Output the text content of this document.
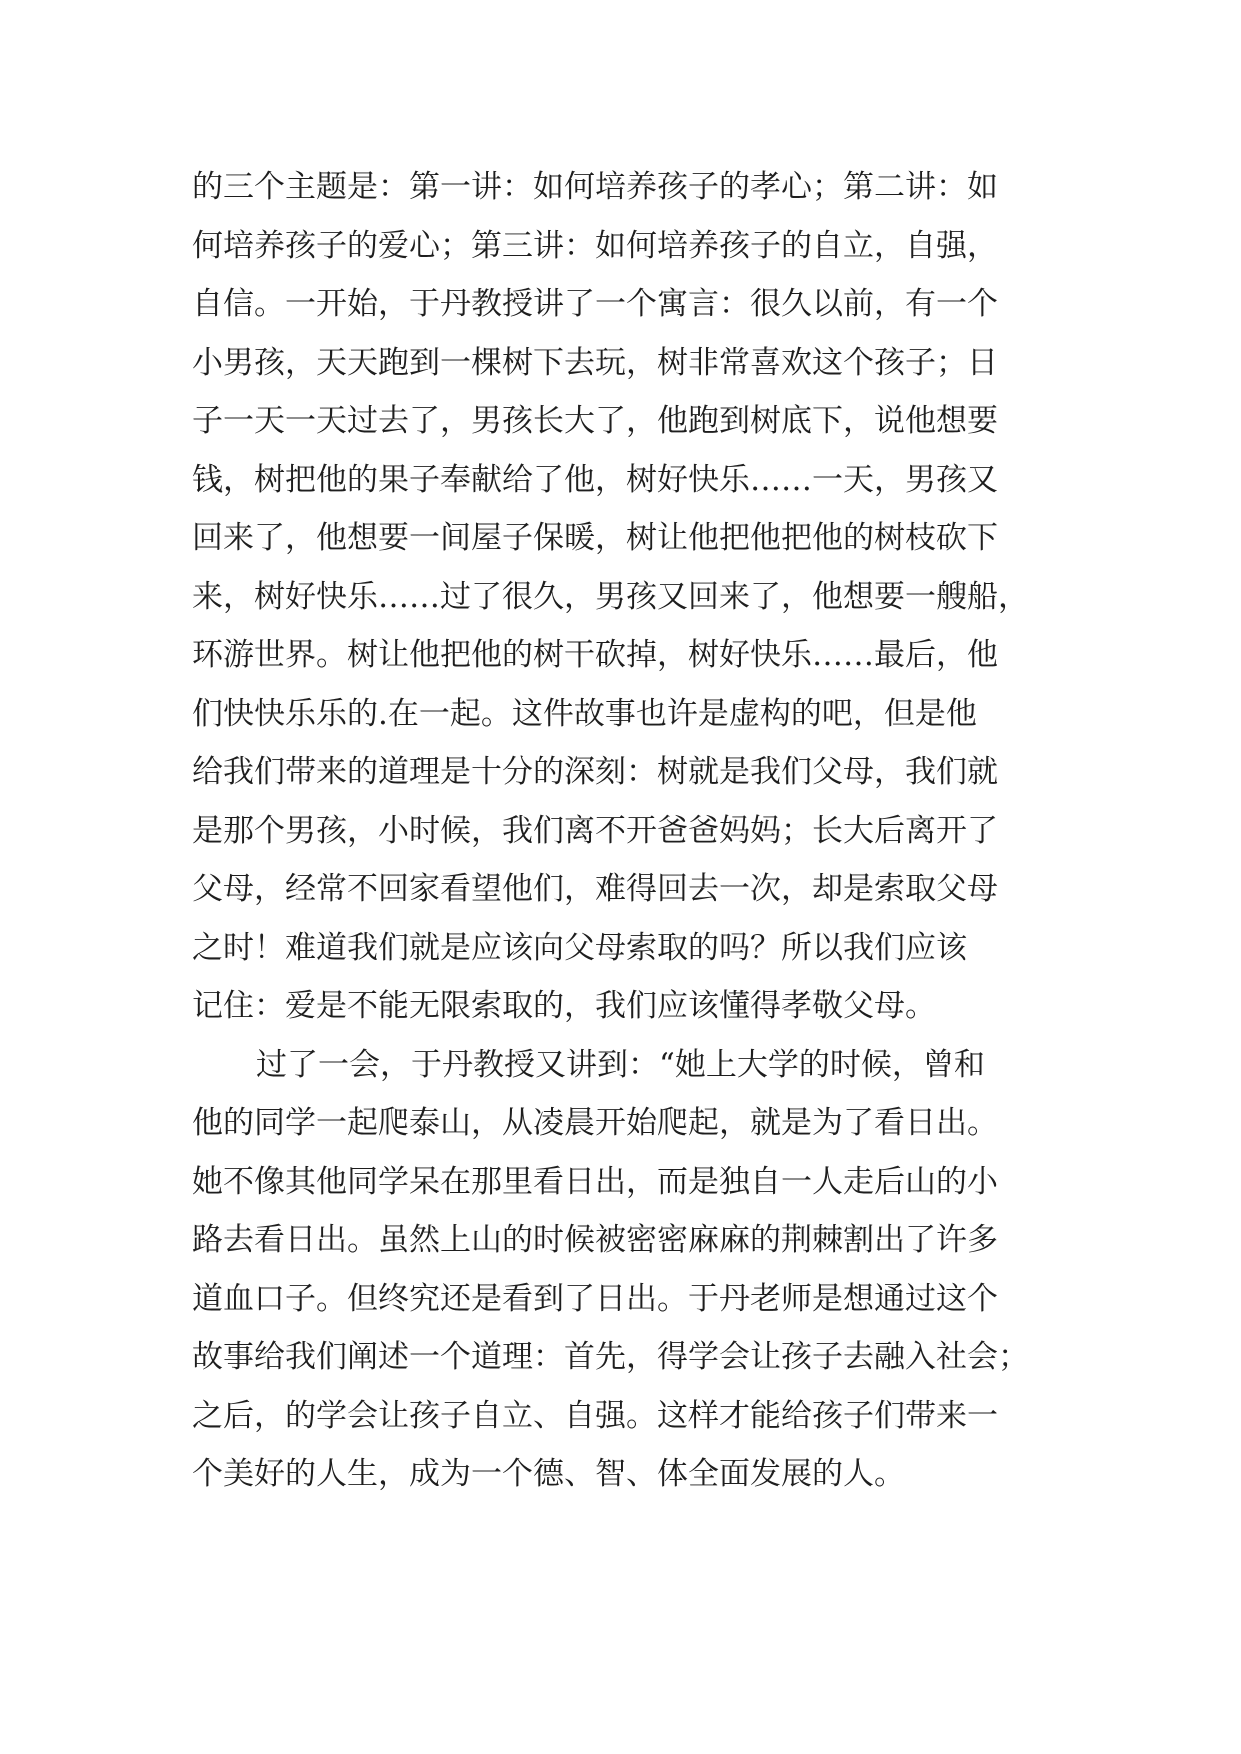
的三个主题是：第一讲：如何培养孩子的孝心；第二讲：如
何培养孩子的爱心；第三讲：如何培养孩子的自立，自强，
自信。一开始，于丹教授讲了一个寓言：很久以前，有一个
小男孩，天天跑到一棵树下去玩，树非常喜欢这个孩子；日
子一天一天过去了，男孩长大了，他跑到树底下，说他想要
钱，树把他的果子奉献给了他，树好快乐……一天，男孩又
回来了，他想要一间屋子保暖，树让他把他把他的树枝砍下
来，树好快乐……过了很久，男孩又回来了，他想要一艘船，
环游世界。树让他把他的树干砍掉，树好快乐……最后，他
们快快乐乐的.在一起。这件故事也许是虚构的吧，但是他
给我们带来的道理是十分的深刻：树就是我们父母，我们就
是那个男孩，小时候，我们离不开爸爸妈妈；长大后离开了
父母，经常不回家看望他们，难得回去一次，却是索取父母
之时！难道我们就是应该向父母索取的吗？所以我们应该
记住：爱是不能无限索取的，我们应该懂得孝敬父母。
过了一会，于丹教授又讲到：“她上大学的时候，曾和
他的同学一起爬泰山，从凌晨开始爬起，就是为了看日出。
她不像其他同学呆在那里看日出，而是独自一人走后山的小
路去看日出。虽然上山的时候被密密麻麻的荆棘割出了许多
道血口子。但终究还是看到了日出。于丹老师是想通过这个
故事给我们阐述一个道理：首先，得学会让孩子去融入社会；
之后，的学会让孩子自立、自强。这样才能给孩子们带来一
个美好的人生，成为一个德、智、体全面发展的人。
